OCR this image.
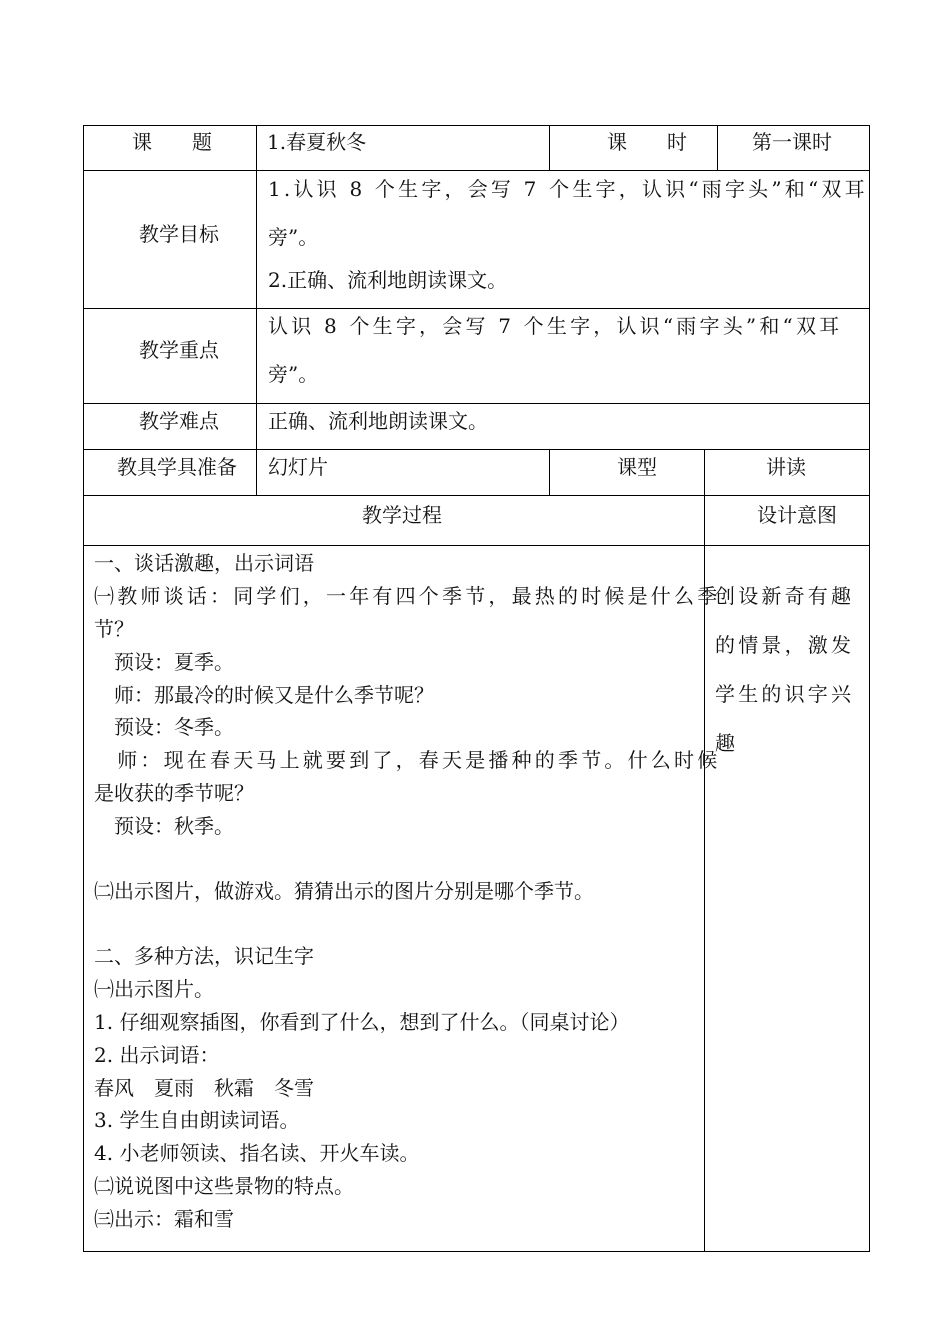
课　　题	1.春夏秋冬	课　　时	第一课时
教学目标
1.认识 8 个生字，会写 7 个生字，认识“雨字头”和“双耳
旁”。
2.正确、流利地朗读课文。
教学重点
认识 8 个生字，会写 7 个生字，认识“雨字头”和“双耳
旁”。
教学难点 正确、流利地朗读课文。
教具学具准备 幻灯片	课型	讲读
教学过程	设计意图
一、谈话激趣，出示词语
㈠教师谈话：同学们，一年有四个季节，最热的时候是什么季
节？
　预设：夏季。
　师：那最冷的时候又是什么季节呢？
　预设：冬季。
　师：现在春天马上就要到了，春天是播种的季节。什么时候
是收获的季节呢？
　预设：秋季。
㈡出示图片，做游戏。猜猜出示的图片分别是哪个季节。
二、多种方法，识记生字
㈠出示图片。
1. 仔细观察插图，你看到了什么，想到了什么。（同桌讨论）
2. 出示词语：
春风　夏雨　秋霜　冬雪
3. 学生自由朗读词语。
4. 小老师领读、指名读、开火车读。
㈡说说图中这些景物的特点。
㈢出示：霜和雪
创设新奇有趣
的情景，激发
学生的识字兴
趣
